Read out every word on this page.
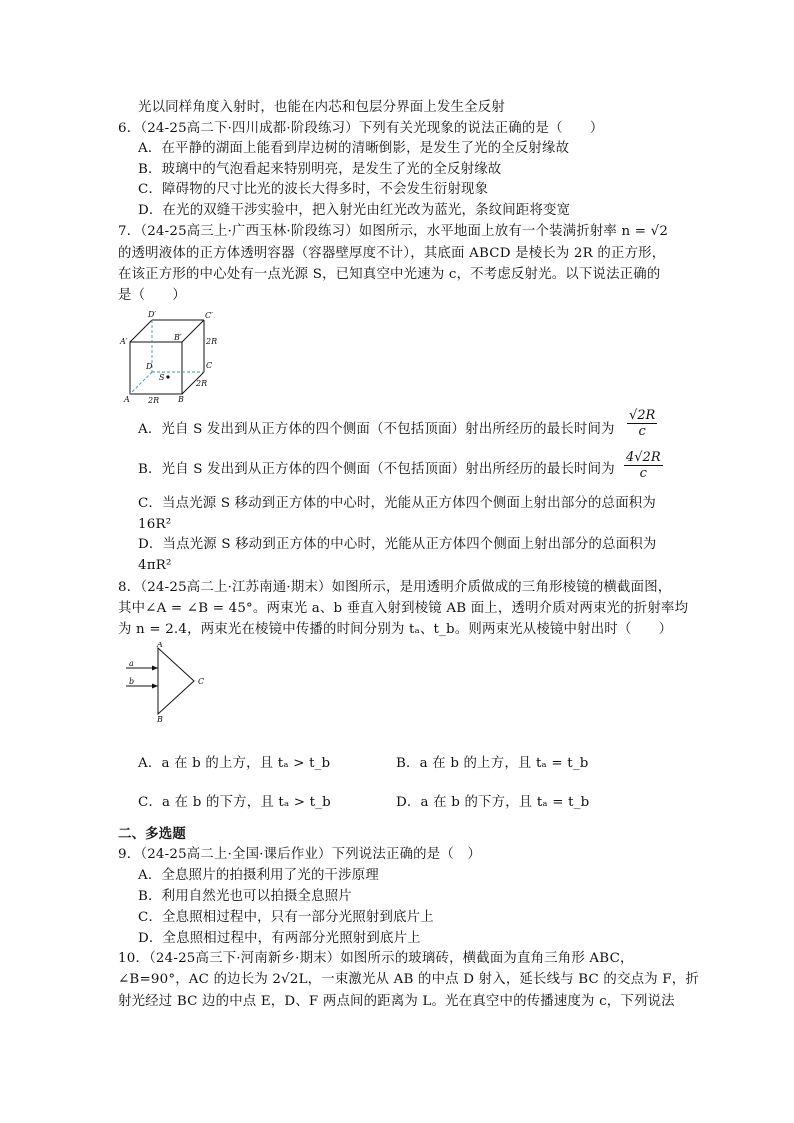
光以同样角度入射时，也能在内芯和包层分界面上发生全反射
6．（24-25高二下·四川成都·阶段练习）下列有关光现象的说法正确的是（　　）
A．在平静的湖面上能看到岸边树的清晰倒影，是发生了光的全反射缘故
B．玻璃中的气泡看起来特别明亮，是发生了光的全反射缘故
C．障碍物的尺寸比光的波长大得多时，不会发生衍射现象
D．在光的双缝干涉实验中，把入射光由红光改为蓝光，条纹间距将变宽
7．（24-25高三上·广西玉林·阶段练习）如图所示，水平地面上放有一个装满折射率 n = √2
的透明液体的正方体透明容器（容器壁厚度不计），其底面 ABCD 是棱长为 2R 的正方形，
在该正方形的中心处有一点光源 S，已知真空中光速为 c，不考虑反射光。以下说法正确的
是（　　）
D′	C′
A′	B′
D	C
A	B
S
2R
2R
2R
A．光自 S 发出到从正方体的四个侧面（不包括顶面）射出所经历的最长时间为 $\frac{√2R}{c}$
B．光自 S 发出到从正方体的四个侧面（不包括顶面）射出所经历的最长时间为 $\frac{4√2R}{c}$
C．当点光源 S 移动到正方体的中心时，光能从正方体四个侧面上射出部分的总面积为
16R²
D．当点光源 S 移动到正方体的中心时，光能从正方体四个侧面上射出部分的总面积为
4πR²
8．（24-25高二上·江苏南通·期末）如图所示，是用透明介质做成的三角形棱镜的横截面图，
其中∠A = ∠B = 45°。两束光 a、b 垂直入射到棱镜 AB 面上，透明介质对两束光的折射率均
为 n = 2.4，两束光在棱镜中传播的时间分别为 tₐ、t_b。则两束光从棱镜中射出时（　　）
A
B
C
a
b
A．a 在 b 的上方，且 tₐ > t_b	B．a 在 b 的上方，且 tₐ = t_b
C．a 在 b 的下方，且 tₐ > t_b	D．a 在 b 的下方，且 tₐ = t_b
二、多选题
9．（24-25高二上·全国·课后作业）下列说法正确的是（　）
A．全息照片的拍摄利用了光的干涉原理
B．利用自然光也可以拍摄全息照片
C．全息照相过程中，只有一部分光照射到底片上
D．全息照相过程中，有两部分光照射到底片上
10．（24-25高三下·河南新乡·期末）如图所示的玻璃砖，横截面为直角三角形 ABC，
∠B=90°，AC 的边长为 2√2L，一束激光从 AB 的中点 D 射入，延长线与 BC 的交点为 F，折
射光经过 BC 边的中点 E，D、F 两点间的距离为 L。光在真空中的传播速度为 c，下列说法
